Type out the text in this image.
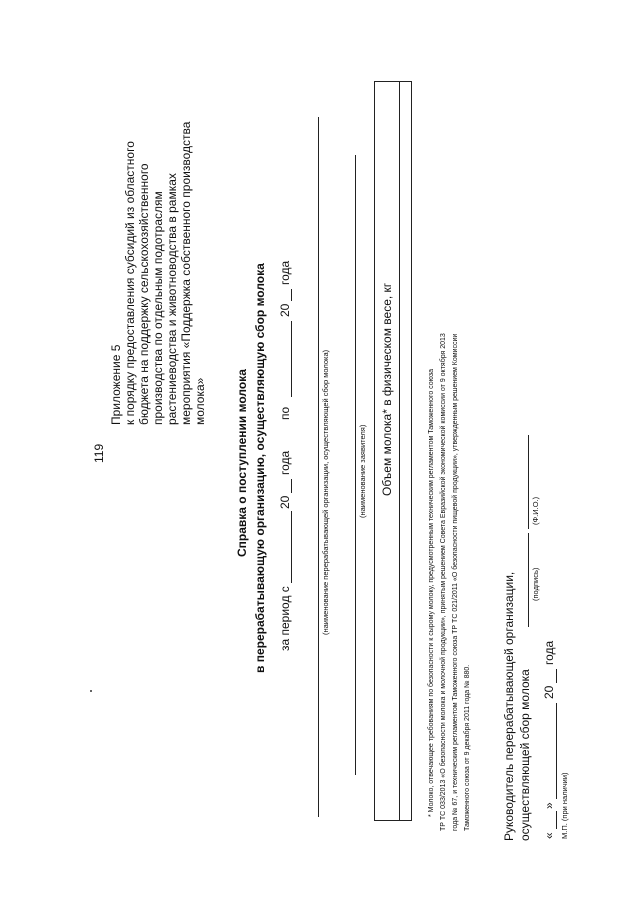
119
Приложение 5 к порядку предоставления субсидий из областного бюджета на поддержку сельскохозяйственного производства по отдельным подотраслям растениеводства и животноводства в рамках мероприятия «Поддержка собственного производства молока» Справка о поступлении молока в перерабатывающую организацию, осуществляющую сбор молока за период с
20
года
по
20
года
(наименование перерабатывающей организации, осуществляющей сбор молока)	(наименование заявителя) Объем молока* в физическом весе, кг	* Молоко, отвечающее требованиям по безопасности к сырому молоку, предусмотренным техническим регламентом Таможенного союза ТР ТС 033/2013 «О безопасности молока и молочной продукции», принятым решением Совета Евразийской экономической комиссии от 9 октября 2013 года № 67, и техническим регламентом Таможенного союза ТР ТС 021/2011 «О безопасности пищевой продукции», утвержденным решением Комиссии Таможенного союза от 9 декабря 2011 года № 880.	Руководитель перерабатывающей организации, осуществляющей сбор молока
(подпись)
(Ф.И.О.)
«
»
20
года
М.П. (при наличии)
